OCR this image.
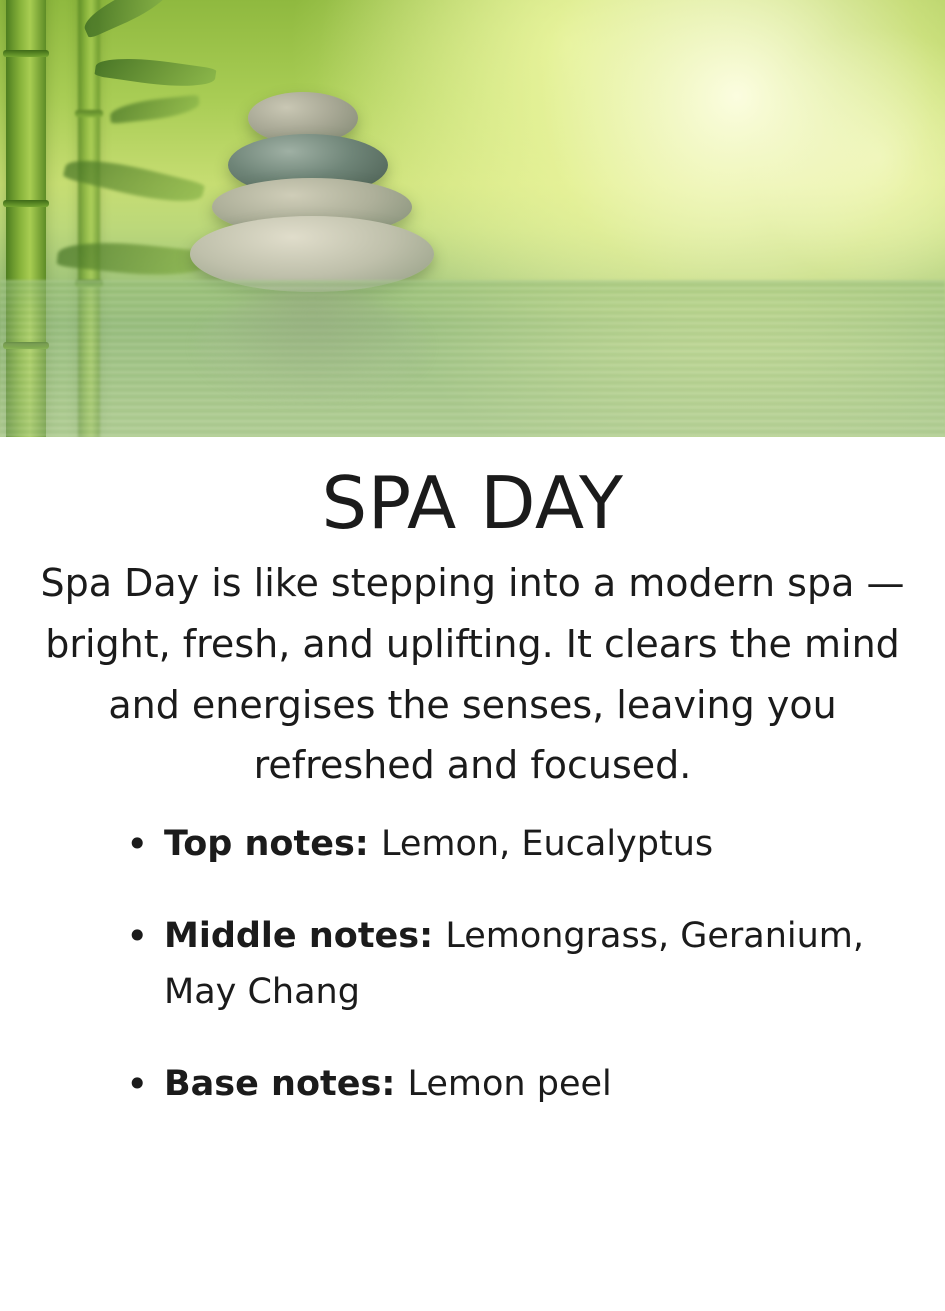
SPA DAY

Spa Day is like stepping into a modern spa — bright, fresh, and uplifting. It clears the mind and energises the senses, leaving you refreshed and focused.

• Top notes: Lemon, Eucalyptus
• Middle notes: Lemongrass, Geranium, May Chang
• Base notes: Lemon peel
